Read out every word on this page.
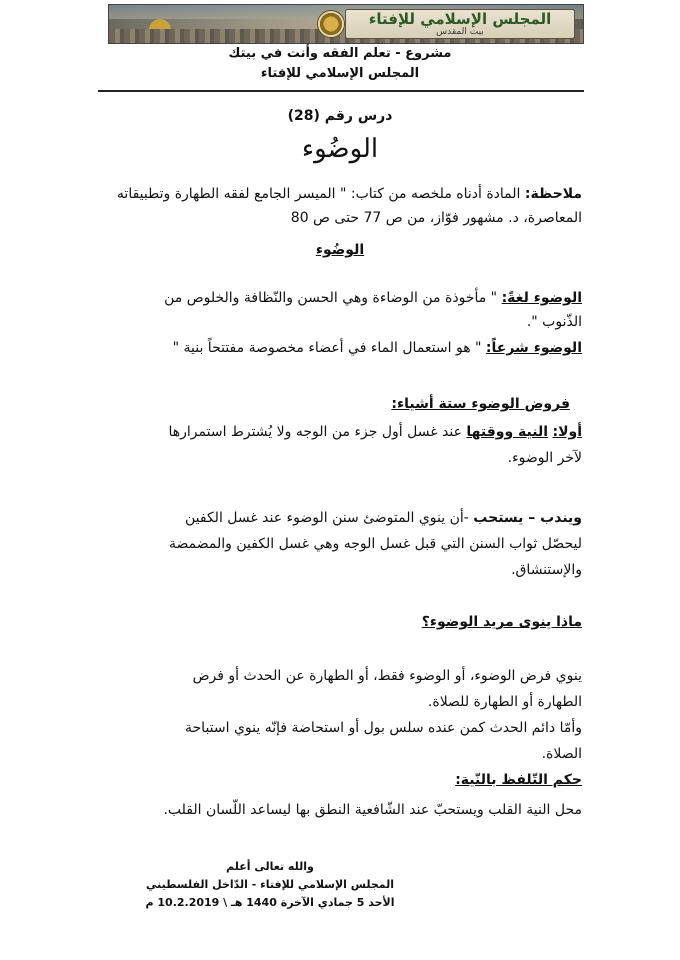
المجلس الإسلامي للإفتاء
بيت المقدس

مشروع - تعلم الفقه وأنت في بيتك

المجلس الإسلامي للإفتاء

درس رقم (28)

الوضُوء

ملاحظة: المادة أدناه ملخصه من كتاب: " الميسر الجامع لفقه الطهارة وتطبيقاته

المعاصرة، د. مشهور فوّاز، من ص 77 حتى ص 80

الوضُوء

الوضوء لغةً: " مأخوذة من الوضاءة وهي الحسن والنّظافة والخلوص من

الذّنوب ".

الوضوء شرعاً: " هو استعمال الماء في أعضاء مخصوصة مفتتحاً بنية "

فروض الوضوء ستة أشياء:

أولا: النية ووقتها عند غسل أول جزء من الوجه ولا يُشترط استمرارها

لآخر الوضوء.

ويندب – يستحب -أن ينوي المتوضئ سنن الوضوء عند غسل الكفين

ليحصّل ثواب السنن التي قبل غسل الوجه وهي غسل الكفين والمضمضة

والإستنشاق.

ماذا ينوى مريد الوضوء؟

ينوي فرض الوضوء، أو الوضوء فقط، أو الطهارة عن الحدث أو فرض

الطهارة أو الطهارة للصلاة.

وأمّا دائم الحدث كمن عنده سلس بول أو استحاضة فإنّه ينوي استباحة

الصلاة.

حكم التّلفظ بالنّية:

محل النية القلب ويستحبّ عند الشّافعية النطق بها ليساعد اللّسان القلب.

والله تعالى أعلم

المجلس الإسلامي للإفتاء - الدّاخل الفلسطيني

الأحد 5 جمادي الآخرة 1440 هـ \ 10.2.2019 م
